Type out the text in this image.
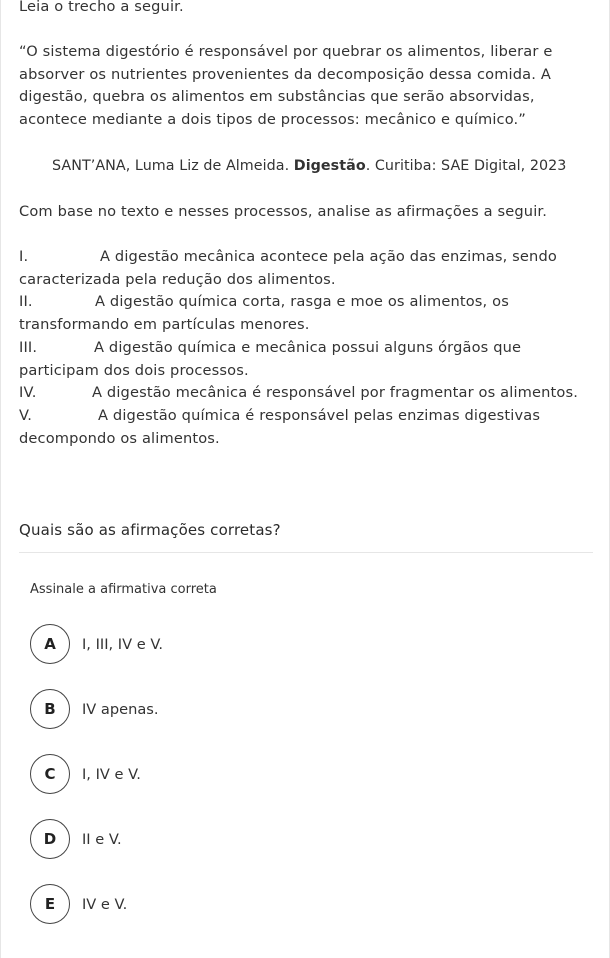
Leia o trecho a seguir.

“O sistema digestório é responsável por quebrar os alimentos, liberar e absorver os nutrientes provenientes da decomposição dessa comida. A digestão, quebra os alimentos em substâncias que serão absorvidas, acontece mediante a dois tipos de processos: mecânico e químico.”

SANT’ANA, Luma Liz de Almeida. Digestão. Curitiba: SAE Digital, 2023

Com base no texto e nesses processos, analise as afirmações a seguir.

I.	A digestão mecânica acontece pela ação das enzimas, sendo caracterizada pela redução dos alimentos.

II.	A digestão química corta, rasga e moe os alimentos, os transformando em partículas menores.

III.	A digestão química e mecânica possui alguns órgãos que participam dos dois processos.

IV.	A digestão mecânica é responsável por fragmentar os alimentos.

V.	A digestão química é responsável pelas enzimas digestivas decompondo os alimentos.

Quais são as afirmações corretas?

Assinale a afirmativa correta
A	I, III, IV e V.
B	IV apenas.
C	I, IV e V.
D	II e V.
E	IV e V.
